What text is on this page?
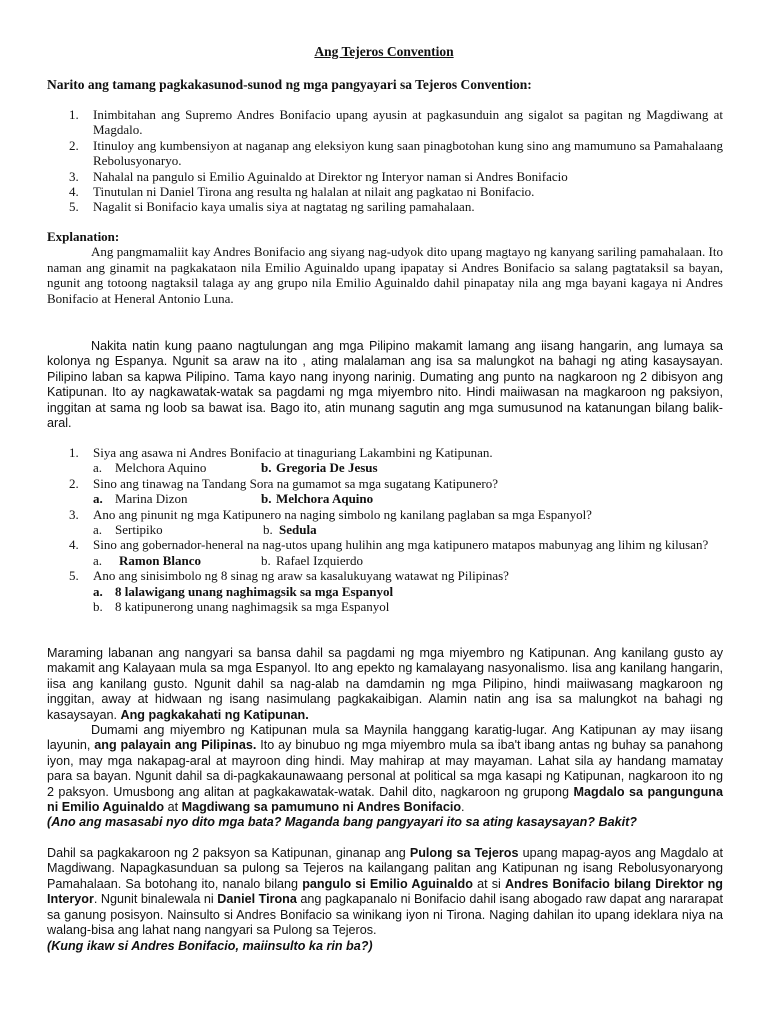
Ang Tejeros Convention
Narito ang tamang pagkakasunod-sunod ng mga pangyayari sa Tejeros Convention:
1. Inimbitahan ang Supremo Andres Bonifacio upang ayusin at pagkasunduin ang sigalot sa pagitan ng Magdiwang at Magdalo.
2. Itinuloy ang kumbensiyon at naganap ang eleksiyon kung saan pinagbotohan kung sino ang mamumuno sa Pamahalaang Rebolusyonaryo.
3. Nahalal na pangulo si Emilio Aguinaldo at Direktor ng Interyor naman si Andres Bonifacio
4. Tinutulan ni Daniel Tirona ang resulta ng halalan at nilait ang pagkatao ni Bonifacio.
5. Nagalit si Bonifacio kaya umalis siya at nagtatag ng sariling pamahalaan.
Explanation:
Ang pangmamaliit kay Andres Bonifacio ang siyang nag-udyok dito upang magtayo ng kanyang sariling pamahalaan. Ito naman ang ginamit na pagkakataon nila Emilio Aguinaldo upang ipapatay si Andres Bonifacio sa salang pagtataksil sa bayan, ngunit ang totoong nagtaksil talaga ay ang grupo nila Emilio Aguinaldo dahil pinapatay nila ang mga bayani kagaya ni Andres Bonifacio at Heneral Antonio Luna.
Nakita natin kung paano nagtulungan ang mga Pilipino makamit lamang ang iisang hangarin, ang lumaya sa kolonya ng Espanya. Ngunit sa araw na ito , ating malalaman ang isa sa malungkot na bahagi ng ating kasaysayan. Pilipino laban sa kapwa Pilipino. Tama kayo nang inyong narinig. Dumating ang punto na nagkaroon ng 2 dibisyon ang Katipunan. Ito ay nagkawatak-watak sa pagdami ng mga miyembro nito. Hindi maiiwasan na magkaroon ng paksiyon, inggitan at sama ng loob sa bawat isa. Bago ito, atin munang sagutin ang mga sumusunod na katanungan bilang balik-aral.
1. Siya ang asawa ni Andres Bonifacio at tinaguriang Lakambini ng Katipunan.
a. Melchora Aquino	b. Gregoria De Jesus
2. Sino ang tinawag na Tandang Sora na gumamot sa mga sugatang Katipunero?
a. Marina Dizon	b. Melchora Aquino
3. Ano ang pinunit ng mga Katipunero na naging simbolo ng kanilang paglaban sa mga Espanyol?
a. Sertipiko	b. Sedula
4. Sino ang gobernador-heneral na nag-utos upang hulihin ang mga katipunero matapos mabunyag ang lihim ng kilusan?
a. Ramon Blanco	b. Rafael Izquierdo
5. Ano ang sinisimbolo ng 8 sinag ng araw sa kasalukuyang watawat ng Pilipinas?
a. 8 lalawigang unang naghimagsik sa mga Espanyol
b. 8 katipunerong unang naghimagsik sa mga Espanyol
Maraming labanan ang nangyari sa bansa dahil sa pagdami ng mga miyembro ng Katipunan. Ang kanilang gusto ay makamit ang Kalayaan mula sa mga Espanyol. Ito ang epekto ng kamalayang nasyonalismo. Iisa ang kanilang hangarin, iisa ang kanilang gusto. Ngunit dahil sa nag-alab na damdamin ng mga Pilipino, hindi maiiwasang magkaroon ng inggitan, away at hidwaan ng isang nasimulang pagkakaibigan. Alamin natin ang isa sa malungkot na bahagi ng kasaysayan. Ang pagkakahati ng Katipunan.
Dumami ang miyembro ng Katipunan mula sa Maynila hanggang karatig-lugar. Ang Katipunan ay may iisang layunin, ang palayain ang Pilipinas. Ito ay binubuo ng mga miyembro mula sa iba't ibang antas ng buhay sa panahong iyon, may mga nakapag-aral at mayroon ding hindi. May mahirap at may mayaman. Lahat sila ay handang mamatay para sa bayan. Ngunit dahil sa di-pagkakaunawaang personal at political sa mga kasapi ng Katipunan, nagkaroon ito ng 2 paksyon. Umusbong ang alitan at pagkakawatak-watak. Dahil dito, nagkaroon ng grupong Magdalo sa pangunguna ni Emilio Aguinaldo at Magdiwang sa pamumuno ni Andres Bonifacio.
(Ano ang masasabi nyo dito mga bata? Maganda bang pangyayari ito sa ating kasaysayan? Bakit?
Dahil sa pagkakaroon ng 2 paksyon sa Katipunan, ginanap ang Pulong sa Tejeros upang mapag-ayos ang Magdalo at Magdiwang. Napagkasunduan sa pulong sa Tejeros na kailangang palitan ang Katipunan ng isang Rebolusyonaryong Pamahalaan. Sa botohang ito, nanalo bilang pangulo si Emilio Aguinaldo at si Andres Bonifacio bilang Direktor ng Interyor. Ngunit binalewala ni Daniel Tirona ang pagkapanalo ni Bonifacio dahil isang abogado raw dapat ang nararapat sa ganung posisyon. Nainsulto si Andres Bonifacio sa winikang iyon ni Tirona. Naging dahilan ito upang ideklara niya na walang-bisa ang lahat nang nangyari sa Pulong sa Tejeros.
(Kung ikaw si Andres Bonifacio, maiinsulto ka rin ba?)
